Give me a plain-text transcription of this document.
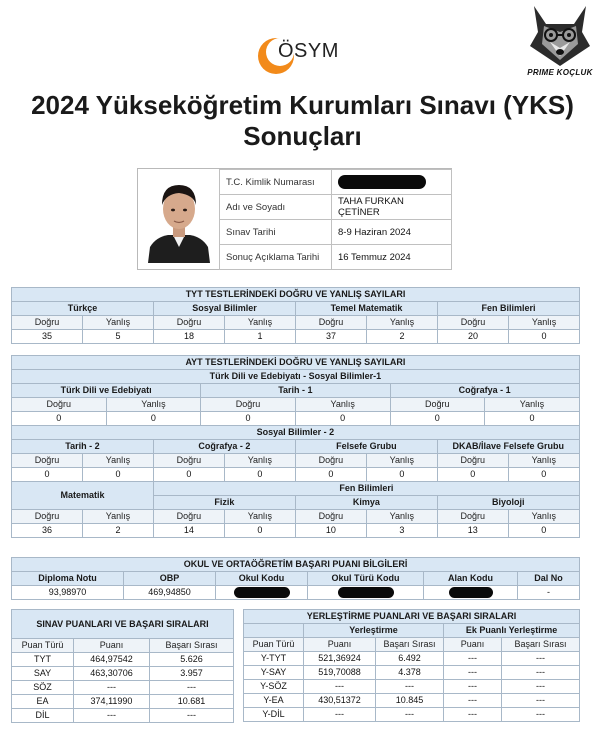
ÖSYM
PRIME KOÇLUK
2024 Yükseköğretim Kurumları Sınavı (YKS)
Sonuçları
T.C. Kimlik Numarası	
Adı ve Soyadı	TAHA FURKAN ÇETİNER
Sınav Tarihi	8-9 Haziran 2024
Sonuç Açıklama Tarihi	16 Temmuz 2024
TYT TESTLERİNDEKİ DOĞRU VE YANLIŞ SAYILARI							
Türkçe		Sosyal Bilimler		Temel Matematik		Fen Bilimleri	
Doğru	Yanlış	Doğru	Yanlış	Doğru	Yanlış	Doğru	Yanlış
35	5	18	1	37	2	20	0
AYT TESTLERİNDEKİ DOĞRU VE YANLIŞ SAYILARI											
Türk Dili ve Edebiyatı - Sosyal Bilimler-1											
Türk Dili ve Edebiyatı				Tarih - 1				Coğrafya - 1			
Doğru		Yanlış		Doğru		Yanlış		Doğru		Yanlış	
0		0		0		0		0		0	
Sosyal Bilimler - 2											
Tarih - 2			Coğrafya - 2			Felsefe Grubu			DKAB/İlave Felsefe Grubu		
Doğru	Yanlış		Doğru		Yanlış	Doğru	Yanlış		Doğru		Yanlış
0	0		0		0	0	0		0		0
Matematik			Fen Bilimleri								
			Fizik			Kimya			Biyoloji		
Doğru	Yanlış		Doğru		Yanlış	Doğru	Yanlış		Doğru		Yanlış
36	2		14		0	10	3		13		0
OKUL VE ORTAÖĞRETİM BAŞARI PUANI BİLGİLERİ					
Diploma Notu	OBP	Okul Kodu	Okul Türü Kodu	Alan Kodu	Dal No
93,98970	469,94850				-
SINAV PUANLARI VE BAŞARI SIRALARI		
Puan Türü	Puanı	Başarı Sırası
TYT	464,97542	5.626
SAY	463,30706	3.957
SÖZ	---	---
EA	374,11990	10.681
DİL	---	---
YERLEŞTİRME PUANLARI VE BAŞARI SIRALARI				
	Yerleştirme		Ek Puanlı Yerleştirme	
Puan Türü	Puanı	Başarı Sırası	Puanı	Başarı Sırası
Y-TYT	521,36924	6.492	---	---
Y-SAY	519,70088	4.378	---	---
Y-SÖZ	---	---	---	---
Y-EA	430,51372	10.845	---	---
Y-DİL	---	---	---	---
